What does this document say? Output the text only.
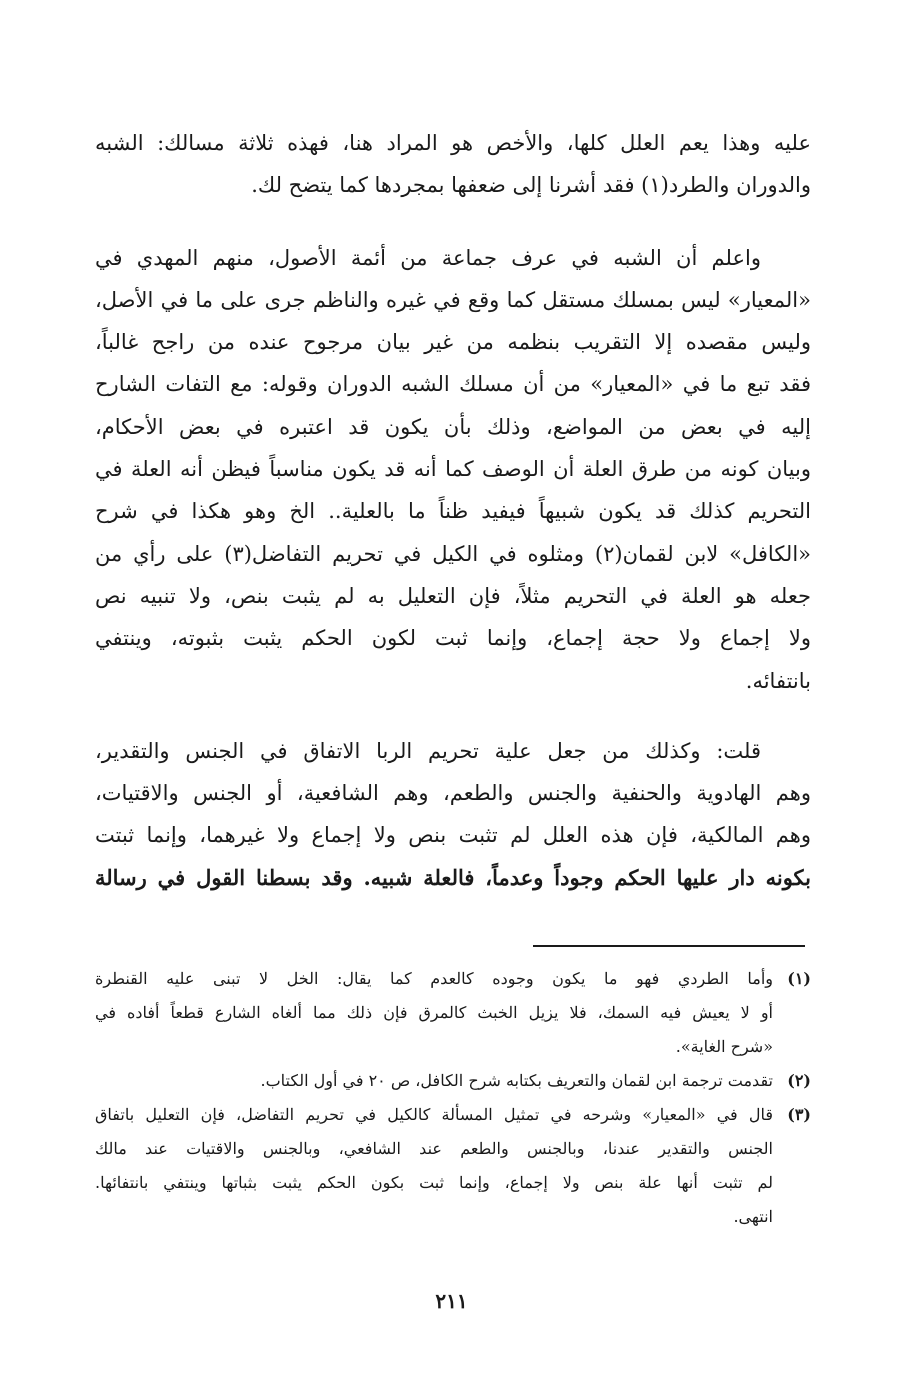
عليه وهذا يعم العلل كلها، والأخص هو المراد هنا، فهذه ثلاثة مسالك: الشبه
والدوران والطرد(١) فقد أشرنا إلى ضعفها بمجردها كما يتضح لك.
واعلم أن الشبه في عرف جماعة من أئمة الأصول، منهم المهدي في
«المعيار» ليس بمسلك مستقل كما وقع في غيره والناظم جرى على ما في الأصل،
وليس مقصده إلا التقريب بنظمه من غير بيان مرجوح عنده من راجح غالباً،
فقد تبع ما في «المعيار» من أن مسلك الشبه الدوران وقوله: مع التفات الشارح
إليه في بعض من المواضع، وذلك بأن يكون قد اعتبره في بعض الأحكام،
وبيان كونه من طرق العلة أن الوصف كما أنه قد يكون مناسباً فيظن أنه العلة في
التحريم كذلك قد يكون شبيهاً فيفيد ظناً ما بالعلية.. الخ وهو هكذا في شرح
«الكافل» لابن لقمان(٢) ومثلوه في الكيل في تحريم التفاضل(٣) على رأي من
جعله هو العلة في التحريم مثلاً، فإن التعليل به لم يثبت بنص، ولا تنبيه نص
ولا إجماع ولا حجة إجماع، وإنما ثبت لكون الحكم يثبت بثبوته، وينتفي
بانتفائه.
قلت: وكذلك من جعل علية تحريم الربا الاتفاق في الجنس والتقدير،
وهم الهادوية والحنفية والجنس والطعم، وهم الشافعية، أو الجنس والاقتيات،
وهم المالكية، فإن هذه العلل لم تثبت بنص ولا إجماع ولا غيرهما، وإنما ثبتت
بكونه دار عليها الحكم وجوداً وعدماً، فالعلة شبيه. وقد بسطنا القول في رسالة
(١)
وأما الطردي فهو ما يكون وجوده كالعدم كما يقال: الخل لا تبنى عليه القنطرة
أو لا يعيش فيه السمك، فلا يزيل الخبث كالمرق فإن ذلك مما ألغاه الشارع قطعاً أفاده في
«شرح الغاية».
(٢)
تقدمت ترجمة ابن لقمان والتعريف بكتابه شرح الكافل، ص ٢٠ في أول الكتاب.
(٣)
قال في «المعيار» وشرحه في تمثيل المسألة كالكيل في تحريم التفاضل، فإن التعليل باتفاق
الجنس والتقدير عندنا، وبالجنس والطعم عند الشافعي، وبالجنس والاقتيات عند مالك
لم تثبت أنها علة بنص ولا إجماع، وإنما ثبت بكون الحكم يثبت بثباتها وينتفي بانتفائها.
انتهى.
٢١١
